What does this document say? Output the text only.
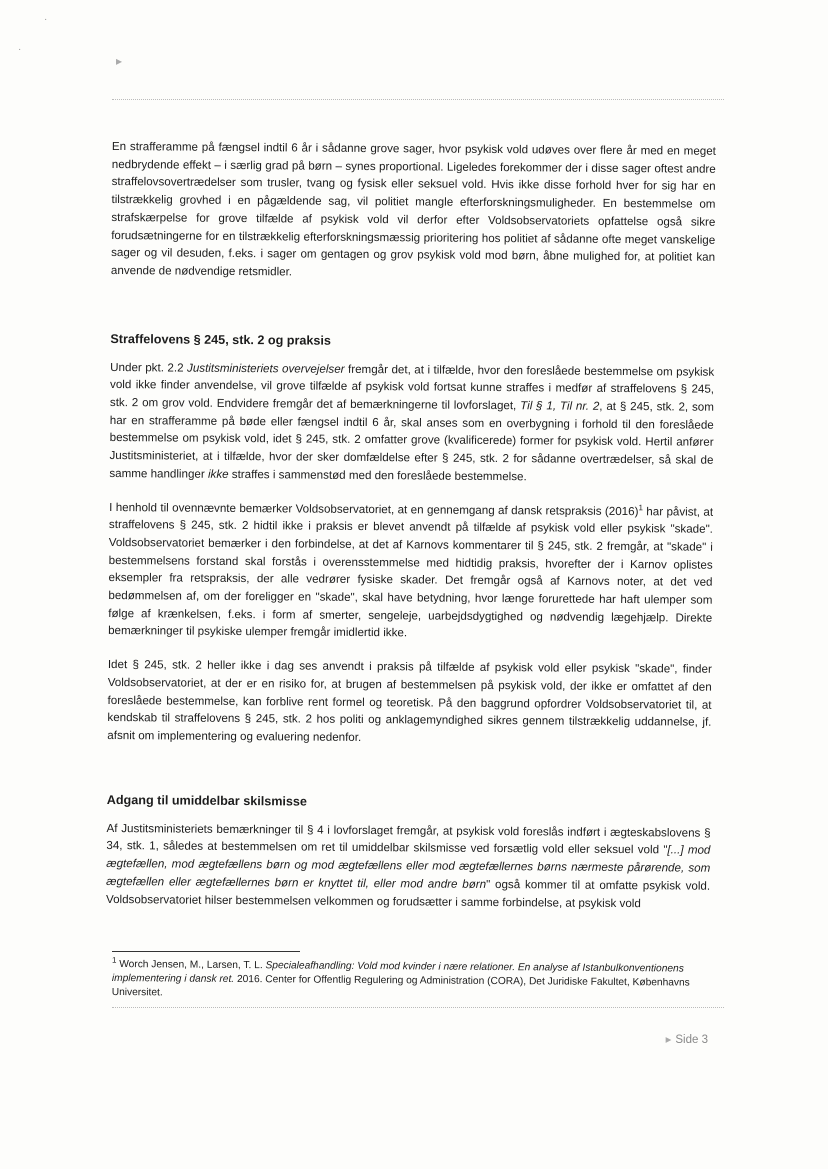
·
·
▸

En strafferamme på fængsel indtil 6 år i sådanne grove sager, hvor psykisk vold udøves over flere år med en meget nedbrydende effekt – i særlig grad på børn – synes proportional. Ligeledes forekommer der i disse sager oftest andre straffelovsovertrædelser som trusler, tvang og fysisk eller seksuel vold. Hvis ikke disse forhold hver for sig har en tilstrækkelig grovhed i en pågældende sag, vil politiet mangle efterforskningsmuligheder. En bestemmelse om strafskærpelse for grove tilfælde af psykisk vold vil derfor efter Voldsobservatoriets opfattelse også sikre forudsætningerne for en tilstrækkelig efterforskningsmæssig prioritering hos politiet af sådanne ofte meget vanskelige sager og vil desuden, f.eks. i sager om gentagen og grov psykisk vold mod børn, åbne mulighed for, at politiet kan anvende de nødvendige retsmidler.

Straffelovens § 245, stk. 2 og praksis

Under pkt. 2.2 Justitsministeriets overvejelser fremgår det, at i tilfælde, hvor den foreslåede bestemmelse om psykisk vold ikke finder anvendelse, vil grove tilfælde af psykisk vold fortsat kunne straffes i medfør af straffelovens § 245, stk. 2 om grov vold. Endvidere fremgår det af bemærkningerne til lovforslaget, Til § 1, Til nr. 2, at § 245, stk. 2, som har en strafferamme på bøde eller fængsel indtil 6 år, skal anses som en overbygning i forhold til den foreslåede bestemmelse om psykisk vold, idet § 245, stk. 2 omfatter grove (kvalificerede) former for psykisk vold. Hertil anfører Justitsministeriet, at i tilfælde, hvor der sker domfældelse efter § 245, stk. 2 for sådanne overtrædelser, så skal de samme handlinger ikke straffes i sammenstød med den foreslåede bestemmelse.

I henhold til ovennævnte bemærker Voldsobservatoriet, at en gennemgang af dansk retspraksis $(2016)^1$ har påvist, at straffelovens § 245, stk. 2 hidtil ikke i praksis er blevet anvendt på tilfælde af psykisk vold eller psykisk "skade". Voldsobservatoriet bemærker i den forbindelse, at det af Karnovs kommentarer til § 245, stk. 2 fremgår, at "skade" i bestemmelsens forstand skal forstås i overensstemmelse med hidtidig praksis, hvorefter der i Karnov oplistes eksempler fra retspraksis, der alle vedrører fysiske skader. Det fremgår også af Karnovs noter, at det ved bedømmelsen af, om der foreligger en "skade", skal have betydning, hvor længe forurettede har haft ulemper som følge af krænkelsen, f.eks. i form af smerter, sengeleje, uarbejdsdygtighed og nødvendig lægehjælp. Direkte bemærkninger til psykiske ulemper fremgår imidlertid ikke.

Idet § 245, stk. 2 heller ikke i dag ses anvendt i praksis på tilfælde af psykisk vold eller psykisk "skade", finder Voldsobservatoriet, at der er en risiko for, at brugen af bestemmelsen på psykisk vold, der ikke er omfattet af den foreslåede bestemmelse, kan forblive rent formel og teoretisk. På den baggrund opfordrer Voldsobservatoriet til, at kendskab til straffelovens § 245, stk. 2 hos politi og anklagemyndighed sikres gennem tilstrækkelig uddannelse, jf. afsnit om implementering og evaluering nedenfor.

Adgang til umiddelbar skilsmisse

Af Justitsministeriets bemærkninger til § 4 i lovforslaget fremgår, at psykisk vold foreslås indført i ægteskabslovens § 34, stk. 1, således at bestemmelsen om ret til umiddelbar skilsmisse ved forsætlig vold eller seksuel vold "[...] mod ægtefællen, mod ægtefællens børn og mod ægtefællens eller mod ægtefællernes børns nærmeste pårørende, som ægtefællen eller ægtefællernes børn er knyttet til, eller mod andre børn" også kommer til at omfatte psykisk vold. Voldsobservatoriet hilser bestemmelsen velkommen og forudsætter i samme forbindelse, at psykisk vold

$^1$ Worch Jensen, M., Larsen, T. L. Specialeafhandling: Vold mod kvinder i nære relationer. En analyse af Istanbulkonventionens implementering i dansk ret. 2016. Center for Offentlig Regulering og Administration (CORA), Det Juridiske Fakultet, Københavns Universitet.
▸ Side 3
